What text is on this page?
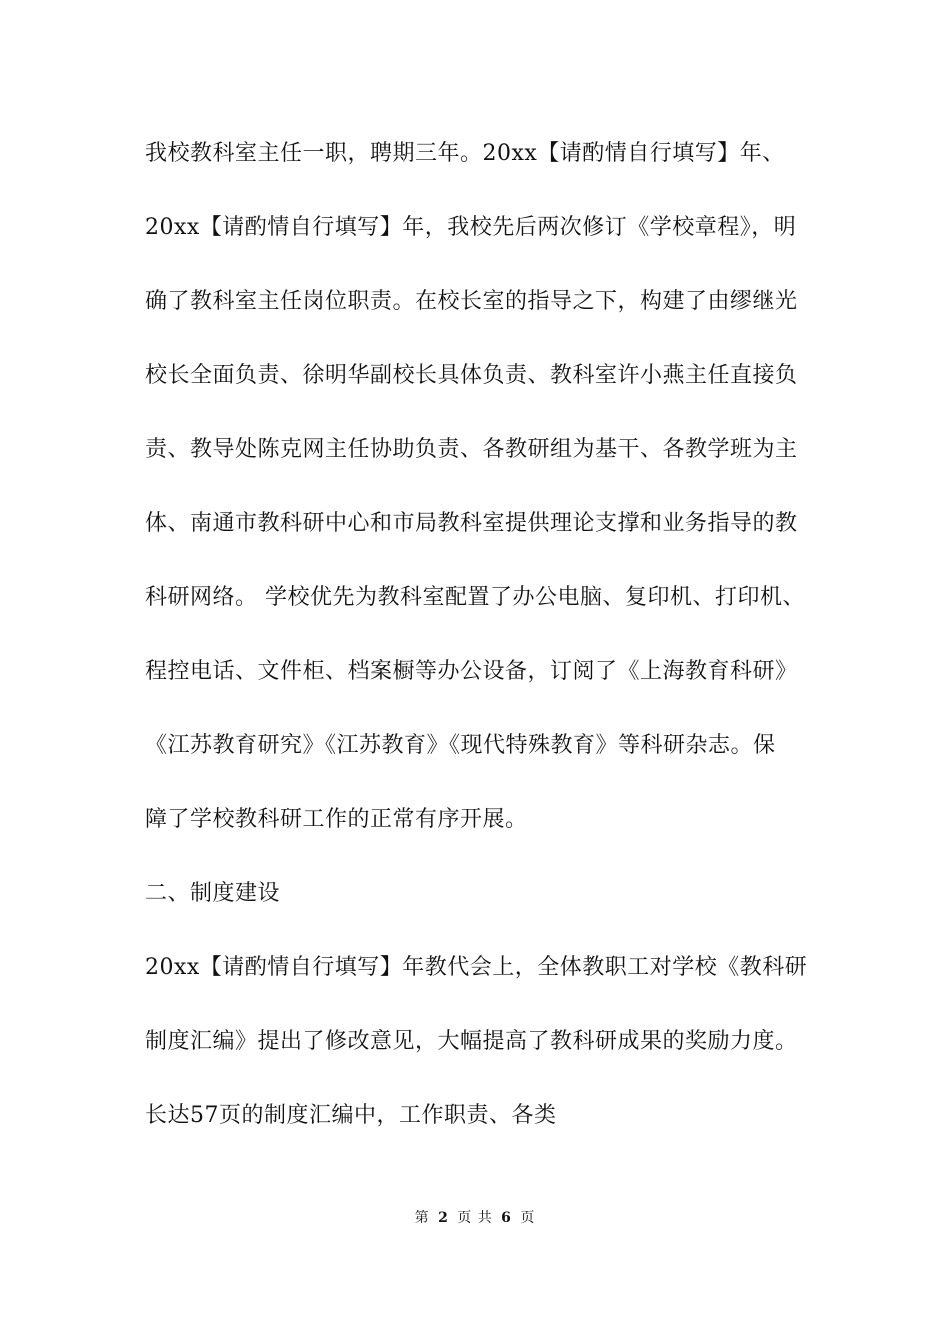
我校教科室主任一职，聘期三年。20xx【请酌情自行填写】年、
20xx【请酌情自行填写】年，我校先后两次修订《学校章程》，明
确了教科室主任岗位职责。在校长室的指导之下，构建了由缪继光
校长全面负责、徐明华副校长具体负责、教科室许小燕主任直接负
责、教导处陈克网主任协助负责、各教研组为基干、各教学班为主
体、南通市教科研中心和市局教科室提供理论支撑和业务指导的教
科研网络。 学校优先为教科室配置了办公电脑、复印机、打印机、
程控电话、文件柜、档案橱等办公设备，订阅了《上海教育科研》
《江苏教育研究》《江苏教育》《现代特殊教育》等科研杂志。保
障了学校教科研工作的正常有序开展。
二、制度建设
20xx【请酌情自行填写】年教代会上，全体教职工对学校《教科研
制度汇编》提出了修改意见，大幅提高了教科研成果的奖励力度。
长达57页的制度汇编中，工作职责、各类
第 2 页 共 6 页
